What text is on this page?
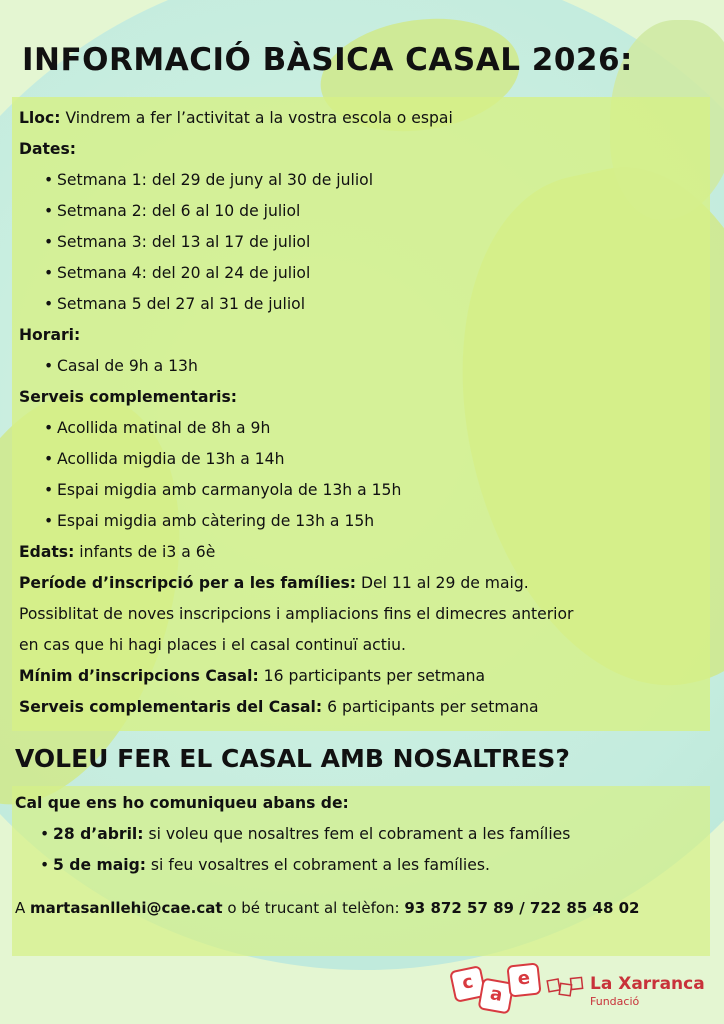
INFORMACIÓ BÀSICA CASAL 2026:
Lloc: Vindrem a fer l’activitat a la vostra escola o espai
Dates:
• Setmana 1: del 29 de juny al 30 de juliol
• Setmana 2: del 6 al 10 de juliol
• Setmana 3: del 13 al 17 de juliol
• Setmana 4: del 20 al 24 de juliol
• Setmana 5 del 27 al 31 de juliol
Horari:
• Casal de 9h a 13h
Serveis complementaris:
• Acollida matinal de 8h a 9h
• Acollida migdia de 13h a 14h
• Espai migdia amb carmanyola de 13h a 15h
• Espai migdia amb càtering de 13h a 15h
Edats: infants de i3 a 6è
Període d’inscripció per a les famílies: Del 11 al 29 de maig.
Possiblitat de noves inscripcions i ampliacions fins el dimecres anterior
en cas que hi hagi places i el casal continuï actiu.
Mínim d’inscripcions Casal: 16 participants per setmana
Serveis complementaris del Casal: 6 participants per setmana
VOLEU FER EL CASAL AMB NOSALTRES?
Cal que ens ho comuniqueu abans de:
• 28 d’abril: si voleu que nosaltres fem el cobrament a les famílies
• 5 de maig: si feu vosaltres el cobrament a les famílies.
A martasanllehi@cae.cat o bé trucant al telèfon: 93 872 57 89 / 722 85 48 02
c
a
e	La Xarranca
Fundació
